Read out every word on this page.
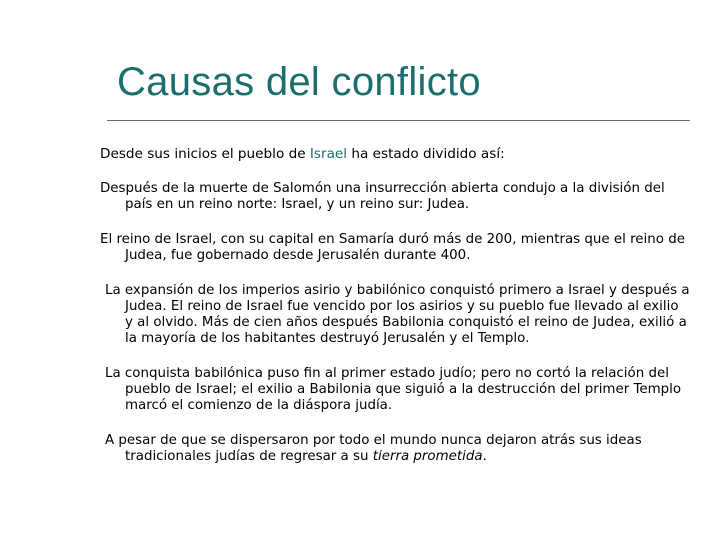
Causas del conflicto

Desde sus inicios el pueblo de Israel ha estado dividido así:

Después de la muerte de Salomón una insurrección abierta condujo a la división del país en un reino norte: Israel, y un reino sur: Judea.

El reino de Israel, con su capital en Samaría duró más de 200, mientras que el reino de Judea, fue gobernado desde Jerusalén durante 400.

La expansión de los imperios asirio y babilónico conquistó primero a Israel y después a Judea. El reino de Israel fue vencido por los asirios y su pueblo fue llevado al exilio y al olvido. Más de cien años después Babilonia conquistó el reino de Judea, exilió a la mayoría de los habitantes destruyó Jerusalén y el Templo.

La conquista babilónica puso fin al primer estado judío; pero no cortó la relación del pueblo de Israel; el exilio a Babilonia que siguió a la destrucción del primer Templo marcó el comienzo de la diáspora judía.

A pesar de que se dispersaron por todo el mundo nunca dejaron atrás sus ideas tradicionales judías de regresar a su tierra prometida.
